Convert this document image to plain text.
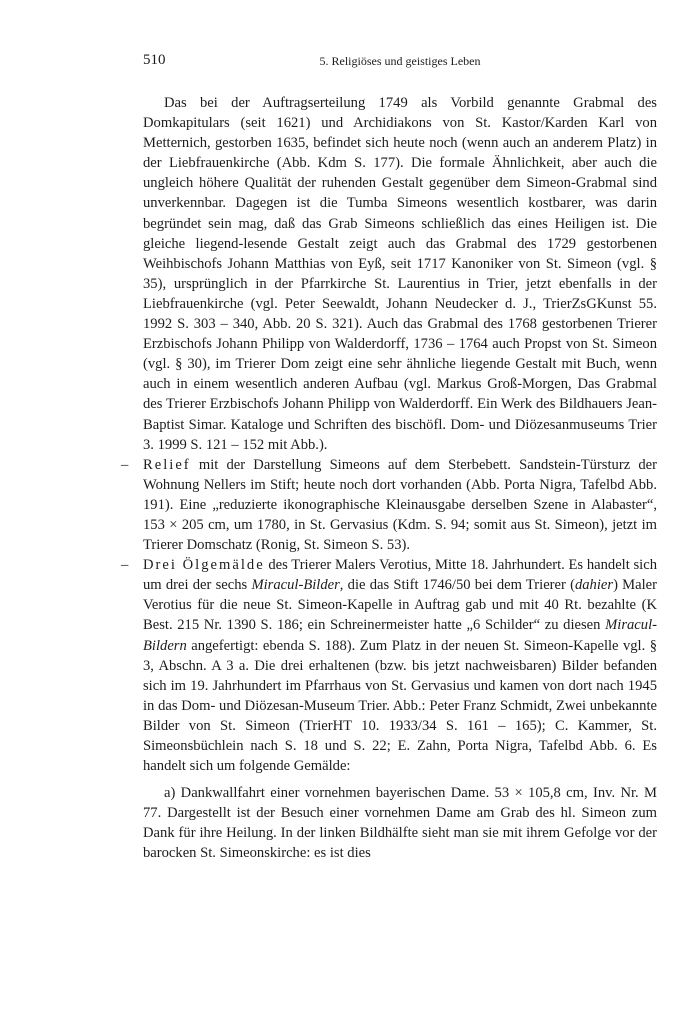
510	5. Religiöses und geistiges Leben

Das bei der Auftragserteilung 1749 als Vorbild genannte Grabmal des Domkapitulars (seit 1621) und Archidiakons von St. Kastor/Karden Karl von Metternich, gestorben 1635, befindet sich heute noch (wenn auch an anderem Platz) in der Liebfrauenkirche (Abb. Kdm S. 177). Die formale Ähnlichkeit, aber auch die ungleich höhere Qualität der ruhenden Gestalt gegenüber dem Simeon-Grabmal sind unverkennbar. Dagegen ist die Tumba Simeons wesentlich kostbarer, was darin begründet sein mag, daß das Grab Simeons schließlich das eines Heiligen ist. Die gleiche liegend-lesende Gestalt zeigt auch das Grabmal des 1729 gestorbenen Weihbischofs Johann Matthias von Eyß, seit 1717 Kanoniker von St. Simeon (vgl. § 35), ursprünglich in der Pfarrkirche St. Laurentius in Trier, jetzt ebenfalls in der Liebfrauenkirche (vgl. Peter Seewaldt, Johann Neudecker d. J., TrierZsGKunst 55. 1992 S. 303 – 340, Abb. 20 S. 321). Auch das Grabmal des 1768 gestorbenen Trierer Erzbischofs Johann Philipp von Walderdorff, 1736 – 1764 auch Propst von St. Simeon (vgl. § 30), im Trierer Dom zeigt eine sehr ähnliche liegende Gestalt mit Buch, wenn auch in einem wesentlich anderen Aufbau (vgl. Markus Groß-Morgen, Das Grabmal des Trierer Erzbischofs Johann Philipp von Walderdorff. Ein Werk des Bildhauers Jean-Baptist Simar. Kataloge und Schriften des bischöfl. Dom- und Diözesanmuseums Trier 3. 1999 S. 121 – 152 mit Abb.).

– Relief mit der Darstellung Simeons auf dem Sterbebett. Sandstein-Türsturz der Wohnung Nellers im Stift; heute noch dort vorhanden (Abb. Porta Nigra, Tafelbd Abb. 191). Eine „reduzierte ikonographische Kleinausgabe derselben Szene in Alabaster“, 153 × 205 cm, um 1780, in St. Gervasius (Kdm. S. 94; somit aus St. Simeon), jetzt im Trierer Domschatz (Ronig, St. Simeon S. 53).

– Drei Ölgemälde des Trierer Malers Verotius, Mitte 18. Jahrhundert. Es handelt sich um drei der sechs Miracul-Bilder, die das Stift 1746/50 bei dem Trierer (dahier) Maler Verotius für die neue St. Simeon-Kapelle in Auftrag gab und mit 40 Rt. bezahlte (K Best. 215 Nr. 1390 S. 186; ein Schreinermeister hatte „6 Schilder“ zu diesen Miracul-Bildern angefertigt: ebenda S. 188). Zum Platz in der neuen St. Simeon-Kapelle vgl. § 3, Abschn. A 3 a. Die drei erhaltenen (bzw. bis jetzt nachweisbaren) Bilder befanden sich im 19. Jahrhundert im Pfarrhaus von St. Gervasius und kamen von dort nach 1945 in das Dom- und Diözesan-Museum Trier. Abb.: Peter Franz Schmidt, Zwei unbekannte Bilder von St. Simeon (TrierHT 10. 1933/34 S. 161 – 165); C. Kammer, St. Simeonsbüchlein nach S. 18 und S. 22; E. Zahn, Porta Nigra, Tafelbd Abb. 6. Es handelt sich um folgende Gemälde:

a) Dankwallfahrt einer vornehmen bayerischen Dame. 53 × 105,8 cm, Inv. Nr. M 77. Dargestellt ist der Besuch einer vornehmen Dame am Grab des hl. Simeon zum Dank für ihre Heilung. In der linken Bildhälfte sieht man sie mit ihrem Gefolge vor der barocken St. Simeonskirche: es ist dies
